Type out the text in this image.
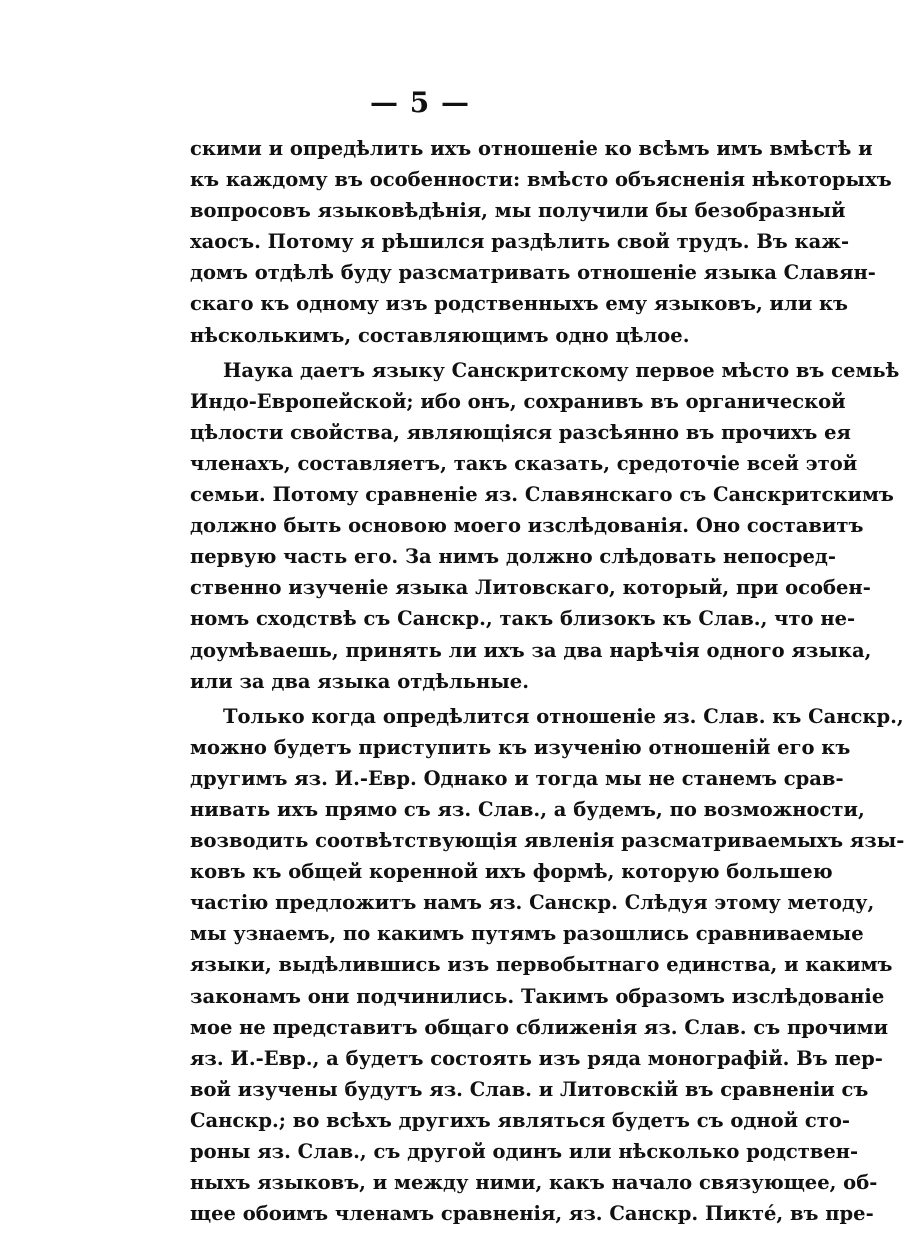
— 5 —
скими и опредѣлить ихъ отношеніе ко всѣмъ имъ вмѣстѣ и
къ каждому въ особенности: вмѣсто объясненія нѣкоторыхъ
вопросовъ языковѣдѣнія, мы получили бы безобразный
хаосъ. Потому я рѣшился раздѣлить свой трудъ. Въ каж-
домъ отдѣлѣ буду разсматривать отношеніе языка Славян-
скаго къ одному изъ родственныхъ ему языковъ, или къ
нѣсколькимъ, составляющимъ одно цѣлое.
Наука даетъ языку Санскритскому первое мѣсто въ семьѣ
Индо-Европейской; ибо онъ, сохранивъ въ органической
цѣлости свойства, являющіяся разсѣянно въ прочихъ ея
членахъ, составляетъ, такъ сказать, средоточіе всей этой
семьи. Потому сравненіе яз. Славянскаго съ Санскритскимъ
должно быть основою моего изслѣдованія. Оно составитъ
первую часть его. За нимъ должно слѣдовать непосред-
ственно изученіе языка Литовскаго, который, при особен-
номъ сходствѣ съ Санскр., такъ близокъ къ Слав., что не-
доумѣваешь, принять ли ихъ за два нарѣчія одного языка,
или за два языка отдѣльные.
Только когда опредѣлится отношеніе яз. Слав. къ Санскр.,
можно будетъ приступить къ изученію отношеній его къ
другимъ яз. И.-Евр. Однако и тогда мы не станемъ срав-
нивать ихъ прямо съ яз. Слав., а будемъ, по возможности,
возводить соотвѣтствующія явленія разсматриваемыхъ язы-
ковъ къ общей коренной ихъ формѣ, которую большею
частію предложитъ намъ яз. Санскр. Слѣдуя этому методу,
мы узнаемъ, по какимъ путямъ разошлись сравниваемые
языки, выдѣлившись изъ первобытнаго единства, и какимъ
законамъ они подчинились. Такимъ образомъ изслѣдованіе
мое не представитъ общаго сближенія яз. Слав. съ прочими
яз. И.-Евр., а будетъ состоять изъ ряда монографій. Въ пер-
вой изучены будутъ яз. Слав. и Литовскій въ сравненіи съ
Санскр.; во всѣхъ другихъ являться будетъ съ одной сто-
роны яз. Слав., съ другой одинъ или нѣсколько родствен-
ныхъ языковъ, и между ними, какъ начало связующее, об-
щее обоимъ членамъ сравненія, яз. Санскр. Пиктé, въ пре-
